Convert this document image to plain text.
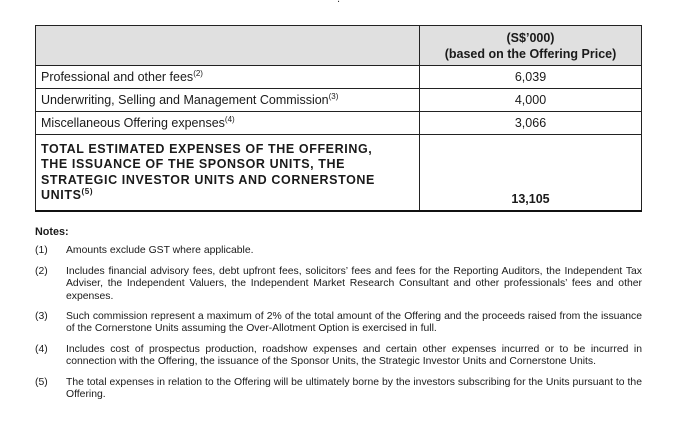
	(S$’000)
(based on the Offering Price)

Professional and other fees$^{(2)}$	6,039
Underwriting, Selling and Management Commission$^{(3)}$	4,000
Miscellaneous Offering expenses$^{(4)}$	3,066

TOTAL ESTIMATED EXPENSES OF THE OFFERING,
THE ISSUANCE OF THE SPONSOR UNITS, THE
STRATEGIC INVESTOR UNITS AND CORNERSTONE
UNITS$^{(5)}$	13,105
Notes:
(1)	Amounts exclude GST where applicable.
(2)	Includes financial advisory fees, debt upfront fees, solicitors’ fees and fees for the Reporting Auditors, the Independent Tax Adviser, the Independent Valuers, the Independent Market Research Consultant and other professionals’ fees and other expenses.
(3)	Such commission represent a maximum of 2% of the total amount of the Offering and the proceeds raised from the issuance of the Cornerstone Units assuming the Over-Allotment Option is exercised in full.
(4)	Includes cost of prospectus production, roadshow expenses and certain other expenses incurred or to be incurred in connection with the Offering, the issuance of the Sponsor Units, the Strategic Investor Units and Cornerstone Units.
(5)	The total expenses in relation to the Offering will be ultimately borne by the investors subscribing for the Units pursuant to the Offering.
